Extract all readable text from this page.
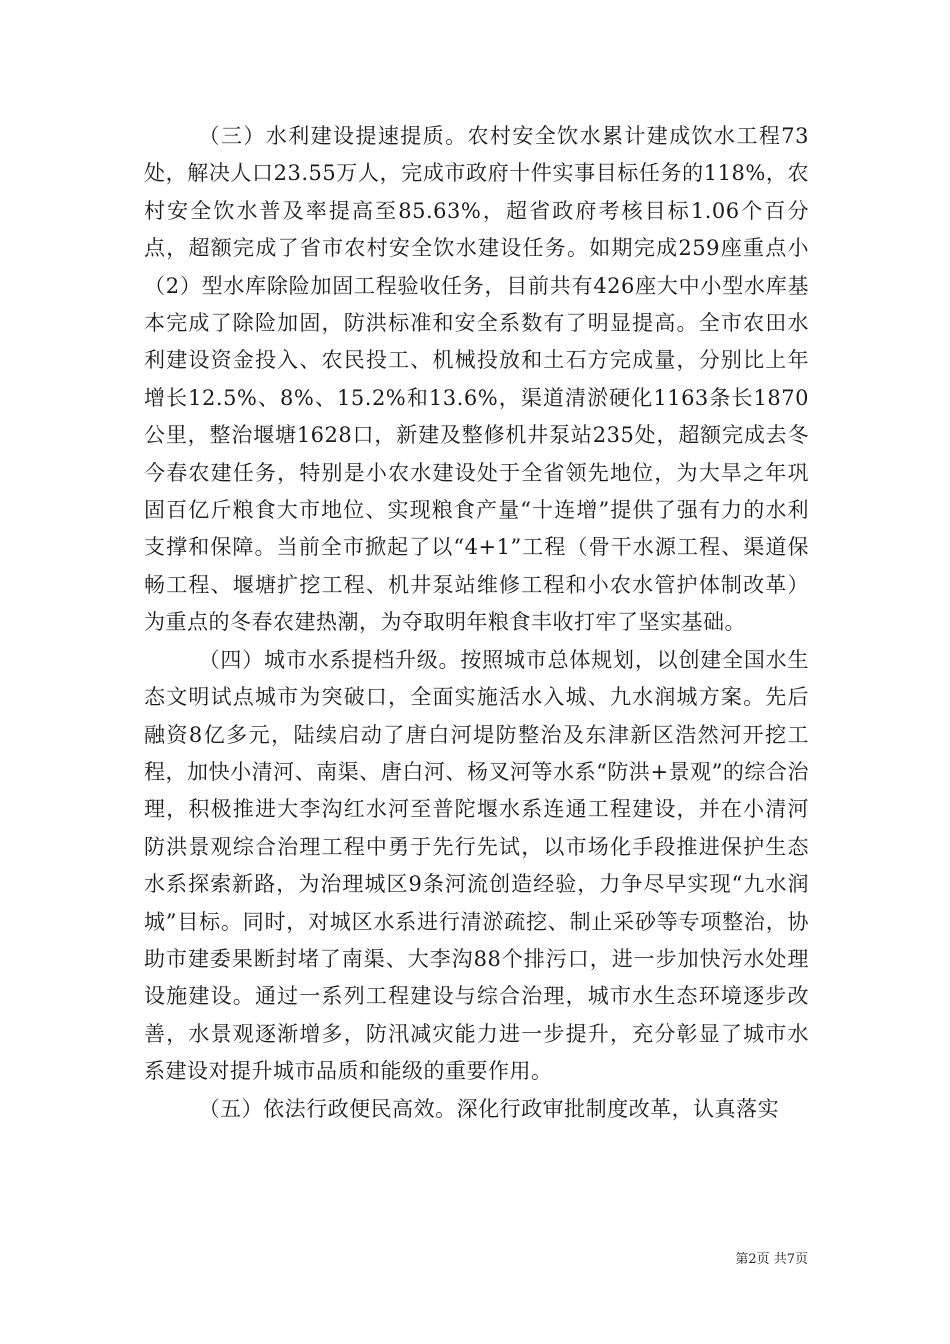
（三）水利建设提速提质。农村安全饮水累计建成饮水工程73处，解决人口23.55万人，完成市政府十件实事目标任务的118%，农村安全饮水普及率提高至85.63%，超省政府考核目标1.06个百分点，超额完成了省市农村安全饮水建设任务。如期完成259座重点小（2）型水库除险加固工程验收任务，目前共有426座大中小型水库基本完成了除险加固，防洪标准和安全系数有了明显提高。全市农田水利建设资金投入、农民投工、机械投放和土石方完成量，分别比上年增长12.5%、8%、15.2%和13.6%，渠道清淤硬化1163条长1870公里，整治堰塘1628口，新建及整修机井泵站235处，超额完成去冬今春农建任务，特别是小农水建设处于全省领先地位，为大旱之年巩固百亿斤粮食大市地位、实现粮食产量“十连增”提供了强有力的水利支撑和保障。当前全市掀起了以“4+1”工程（骨干水源工程、渠道保畅工程、堰塘扩挖工程、机井泵站维修工程和小农水管护体制改革）为重点的冬春农建热潮，为夺取明年粮食丰收打牢了坚实基础。

（四）城市水系提档升级。按照城市总体规划，以创建全国水生态文明试点城市为突破口，全面实施活水入城、九水润城方案。先后融资8亿多元，陆续启动了唐白河堤防整治及东津新区浩然河开挖工程，加快小清河、南渠、唐白河、杨叉河等水系“防洪+景观”的综合治理，积极推进大李沟红水河至普陀堰水系连通工程建设，并在小清河防洪景观综合治理工程中勇于先行先试，以市场化手段推进保护生态水系探索新路，为治理城区9条河流创造经验，力争尽早实现“九水润城”目标。同时，对城区水系进行清淤疏挖、制止采砂等专项整治，协助市建委果断封堵了南渠、大李沟88个排污口，进一步加快污水处理设施建设。通过一系列工程建设与综合治理，城市水生态环境逐步改善，水景观逐渐增多，防汛减灾能力进一步提升，充分彰显了城市水系建设对提升城市品质和能级的重要作用。

（五）依法行政便民高效。深化行政审批制度改革，认真落实

第2页 共7页
